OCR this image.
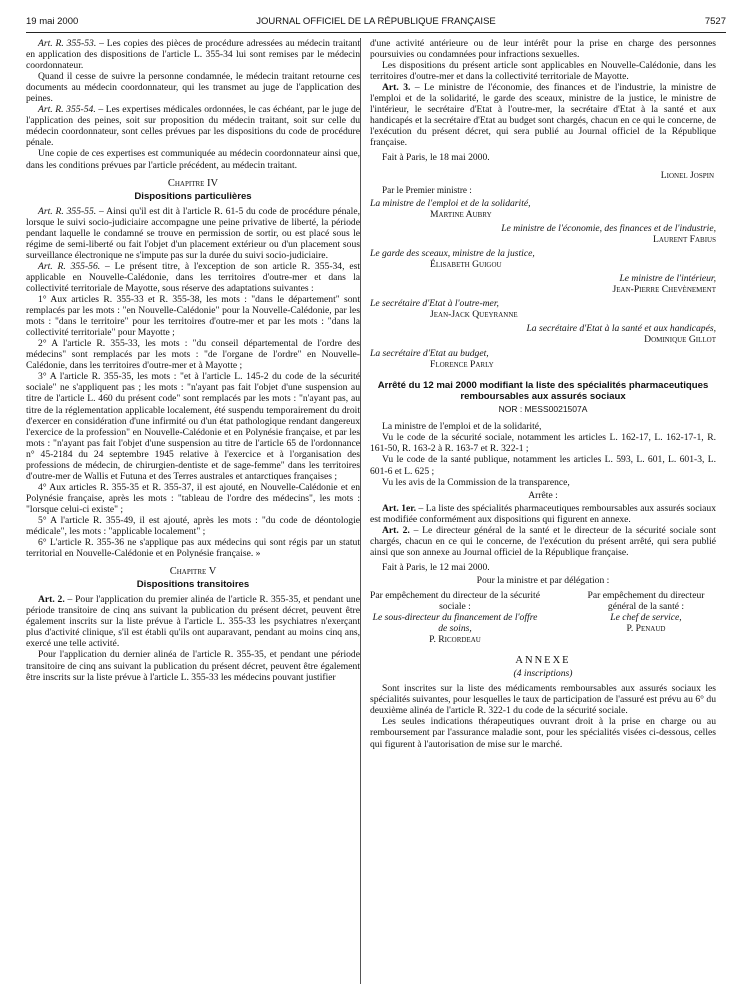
19 mai 2000	JOURNAL OFFICIEL DE LA RÉPUBLIQUE FRANÇAISE	7527

Art. R. 355-53. – Les copies des pièces de procédure adressées au médecin traitant en application des dispositions de l'article L. 355-34 lui sont remises par le médecin coordonnateur.

Quand il cesse de suivre la personne condamnée, le médecin traitant retourne ces documents au médecin coordonnateur, qui les transmet au juge de l'application des peines.

Art. R. 355-54. – Les expertises médicales ordonnées, le cas échéant, par le juge de l'application des peines, soit sur proposition du médecin traitant, soit sur celle du médecin coordonnateur, sont celles prévues par les dispositions du code de procédure pénale.

Une copie de ces expertises est communiquée au médecin coordonnateur ainsi que, dans les conditions prévues par l'article précédent, au médecin traitant.

Chapitre IV
Dispositions particulières

Art. R. 355-55. – Ainsi qu'il est dit à l'article R. 61-5 du code de procédure pénale, lorsque le suivi socio-judiciaire accompagne une peine privative de liberté, la période pendant laquelle le condamné se trouve en permission de sortir, ou est placé sous le régime de semi-liberté ou fait l'objet d'un placement extérieur ou d'un placement sous surveillance électronique ne s'impute pas sur la durée du suivi socio-judiciaire.

Art. R. 355-56. – Le présent titre, à l'exception de son article R. 355-34, est applicable en Nouvelle-Calédonie, dans les territoires d'outre-mer et dans la collectivité territoriale de Mayotte, sous réserve des adaptations suivantes :

1° Aux articles R. 355-33 et R. 355-38, les mots : "dans le département" sont remplacés par les mots : "en Nouvelle-Calédonie" pour la Nouvelle-Calédonie, par les mots : "dans le territoire" pour les territoires d'outre-mer et par les mots : "dans la collectivité territoriale" pour Mayotte ;

2° A l'article R. 355-33, les mots : "du conseil départemental de l'ordre des médecins" sont remplacés par les mots : "de l'organe de l'ordre" en Nouvelle-Calédonie, dans les territoires d'outre-mer et à Mayotte ;

3° A l'article R. 355-35, les mots : "et à l'article L. 145-2 du code de la sécurité sociale" ne s'appliquent pas ; les mots : "n'ayant pas fait l'objet d'une suspension au titre de l'article L. 460 du présent code" sont remplacés par les mots : "n'ayant pas, au titre de la réglementation applicable localement, été suspendu temporairement du droit d'exercer en considération d'une infirmité ou d'un état pathologique rendant dangereux l'exercice de la profession" en Nouvelle-Calédonie et en Polynésie française, et par les mots : "n'ayant pas fait l'objet d'une suspension au titre de l'article 65 de l'ordonnance n° 45-2184 du 24 septembre 1945 relative à l'exercice et à l'organisation des professions de médecin, de chirurgien-dentiste et de sage-femme" dans les territoires d'outre-mer de Wallis et Futuna et des Terres australes et antarctiques françaises ;

4° Aux articles R. 355-35 et R. 355-37, il est ajouté, en Nouvelle-Calédonie et en Polynésie française, après les mots : "tableau de l'ordre des médecins", les mots : "lorsque celui-ci existe" ;

5° A l'article R. 355-49, il est ajouté, après les mots : "du code de déontologie médicale", les mots : "applicable localement" ;

6° L'article R. 355-36 ne s'applique pas aux médecins qui sont régis par un statut territorial en Nouvelle-Calédonie et en Polynésie française. »

Chapitre V
Dispositions transitoires

Art. 2. – Pour l'application du premier alinéa de l'article R. 355-35, et pendant une période transitoire de cinq ans suivant la publication du présent décret, peuvent être également inscrits sur la liste prévue à l'article L. 355-33 les psychiatres n'exerçant plus d'activité clinique, s'il est établi qu'ils ont auparavant, pendant au moins cinq ans, exercé une telle activité.

Pour l'application du dernier alinéa de l'article R. 355-35, et pendant une période transitoire de cinq ans suivant la publication du présent décret, peuvent être également être inscrits sur la liste prévue à l'article L. 355-33 les médecins pouvant justifier

d'une activité antérieure ou de leur intérêt pour la prise en charge des personnes poursuivies ou condamnées pour infractions sexuelles.

Les dispositions du présent article sont applicables en Nouvelle-Calédonie, dans les territoires d'outre-mer et dans la collectivité territoriale de Mayotte.

Art. 3. – Le ministre de l'économie, des finances et de l'industrie, la ministre de l'emploi et de la solidarité, le garde des sceaux, ministre de la justice, le ministre de l'intérieur, le secrétaire d'Etat à l'outre-mer, la secrétaire d'Etat à la santé et aux handicapés et la secrétaire d'Etat au budget sont chargés, chacun en ce qui le concerne, de l'exécution du présent décret, qui sera publié au Journal officiel de la République française.

Fait à Paris, le 18 mai 2000.

Lionel Jospin
Par le Premier ministre :

La ministre de l'emploi et de la solidarité,

Martine Aubry

Le ministre de l'économie, des finances et de l'industrie,

Laurent Fabius

Le garde des sceaux, ministre de la justice,

Élisabeth Guigou

Le ministre de l'intérieur,

Jean-Pierre Chevènement

Le secrétaire d'Etat à l'outre-mer,

Jean-Jack Queyranne

La secrétaire d'Etat à la santé et aux handicapés,

Dominique Gillot

La secrétaire d'Etat au budget,

Florence Parly

Arrêté du 12 mai 2000 modifiant la liste des spécialités pharmaceutiques remboursables aux assurés sociaux
NOR : MESS0021507A

La ministre de l'emploi et de la solidarité,

Vu le code de la sécurité sociale, notamment les articles L. 162-17, L. 162-17-1, R. 161-50, R. 163-2 à R. 163-7 et R. 322-1 ;

Vu le code de la santé publique, notamment les articles L. 593, L. 601, L. 601-3, L. 601-6 et L. 625 ;

Vu les avis de la Commission de la transparence,

Arrête :

Art. 1er. – La liste des spécialités pharmaceutiques remboursables aux assurés sociaux est modifiée conformément aux dispositions qui figurent en annexe.

Art. 2. – Le directeur général de la santé et le directeur de la sécurité sociale sont chargés, chacun en ce qui le concerne, de l'exécution du présent arrêté, qui sera publié ainsi que son annexe au Journal officiel de la République française.

Fait à Paris, le 12 mai 2000.

Pour la ministre et par délégation :
Par empêchement du directeur de la sécurité sociale :
Le sous-directeur du financement de l'offre de soins,
P. Ricordeau
Par empêchement du directeur général de la santé :
Le chef de service,
P. Penaud
ANNEXE
(4 inscriptions)

Sont inscrites sur la liste des médicaments remboursables aux assurés sociaux les spécialités suivantes, pour lesquelles le taux de participation de l'assuré est prévu au 6° du deuxième alinéa de l'article R. 322-1 du code de la sécurité sociale.

Les seules indications thérapeutiques ouvrant droit à la prise en charge ou au remboursement par l'assurance maladie sont, pour les spécialités visées ci-dessous, celles qui figurent à l'autorisation de mise sur le marché.
